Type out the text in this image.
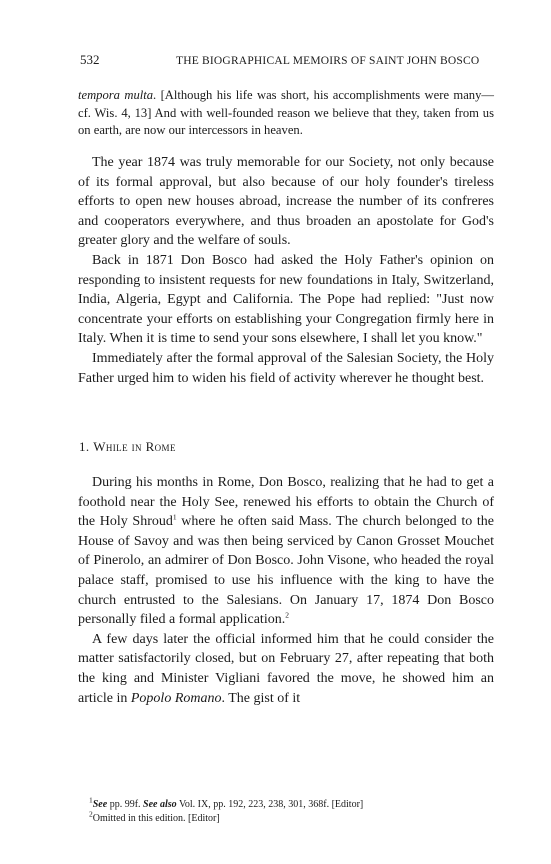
532	THE BIOGRAPHICAL MEMOIRS OF SAINT JOHN BOSCO
tempora multa. [Although his life was short, his accomplishments were many—cf. Wis. 4, 13] And with well-founded reason we believe that they, taken from us on earth, are now our intercessors in heaven.

The year 1874 was truly memorable for our Society, not only because of its formal approval, but also because of our holy founder's tireless efforts to open new houses abroad, increase the number of its confreres and cooperators everywhere, and thus broaden an apostolate for God's greater glory and the welfare of souls.

Back in 1871 Don Bosco had asked the Holy Father's opinion on responding to insistent requests for new foundations in Italy, Switzerland, India, Algeria, Egypt and California. The Pope had replied: "Just now concentrate your efforts on establishing your Congregation firmly here in Italy. When it is time to send your sons elsewhere, I shall let you know."

Immediately after the formal approval of the Salesian Society, the Holy Father urged him to widen his field of activity wherever he thought best.

1. While in Rome

During his months in Rome, Don Bosco, realizing that he had to get a foothold near the Holy See, renewed his efforts to obtain the Church of the Holy Shroud$^1$ where he often said Mass. The church belonged to the House of Savoy and was then being serviced by Canon Grosset Mouchet of Pinerolo, an admirer of Don Bosco. John Visone, who headed the royal palace staff, promised to use his influence with the king to have the church entrusted to the Salesians. On January 17, 1874 Don Bosco personally filed a formal application.$^2$

A few days later the official informed him that he could consider the matter satisfactorily closed, but on February 27, after repeating that both the king and Minister Vigliani favored the move, he showed him an article in Popolo Romano. The gist of it

$^1$See pp. 99f. See also Vol. IX, pp. 192, 223, 238, 301, 368f. [Editor]
$^2$Omitted in this edition. [Editor]
